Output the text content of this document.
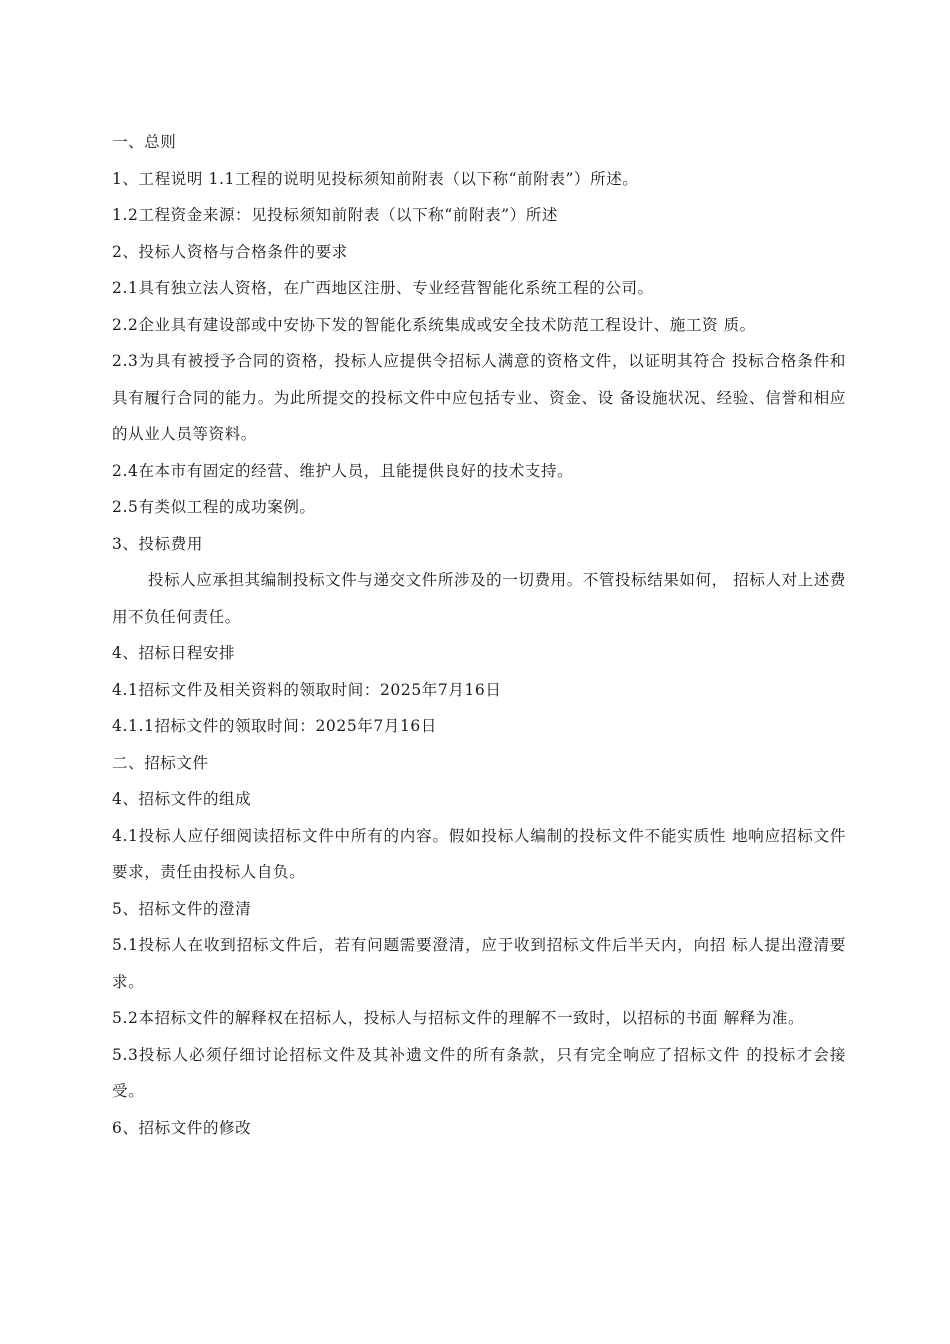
一、总则

1、工程说明 1.1工程的说明见投标须知前附表（以下称“前附表”）所述。

1.2工程资金来源：见投标须知前附表（以下称“前附表”）所述

2、投标人资格与合格条件的要求

2.1具有独立法人资格，在广西地区注册、专业经营智能化系统工程的公司。

2.2企业具有建设部或中安协下发的智能化系统集成或安全技术防范工程设计、施工资 质。

2.3为具有被授予合同的资格，投标人应提供令招标人满意的资格文件，以证明其符合 投标合格条件和具有履行合同的能力。为此所提交的投标文件中应包括专业、资金、设 备设施状况、经验、信誉和相应的从业人员等资料。

2.4在本市有固定的经营、维护人员，且能提供良好的技术支持。

2.5有类似工程的成功案例。

3、投标费用

投标人应承担其编制投标文件与递交文件所涉及的一切费用。不管投标结果如何， 招标人对上述费用不负任何责任。

4、招标日程安排

4.1招标文件及相关资料的领取时间：2025年7月16日

4.1.1招标文件的领取时间：2025年7月16日

二、招标文件

4、招标文件的组成

4.1投标人应仔细阅读招标文件中所有的内容。假如投标人编制的投标文件不能实质性 地响应招标文件要求，责任由投标人自负。

5、招标文件的澄清

5.1投标人在收到招标文件后，若有问题需要澄清，应于收到招标文件后半天内，向招 标人提出澄清要求。

5.2本招标文件的解释权在招标人，投标人与招标文件的理解不一致时，以招标的书面 解释为准。

5.3投标人必须仔细讨论招标文件及其补遗文件的所有条款，只有完全响应了招标文件 的投标才会接受。

6、招标文件的修改
